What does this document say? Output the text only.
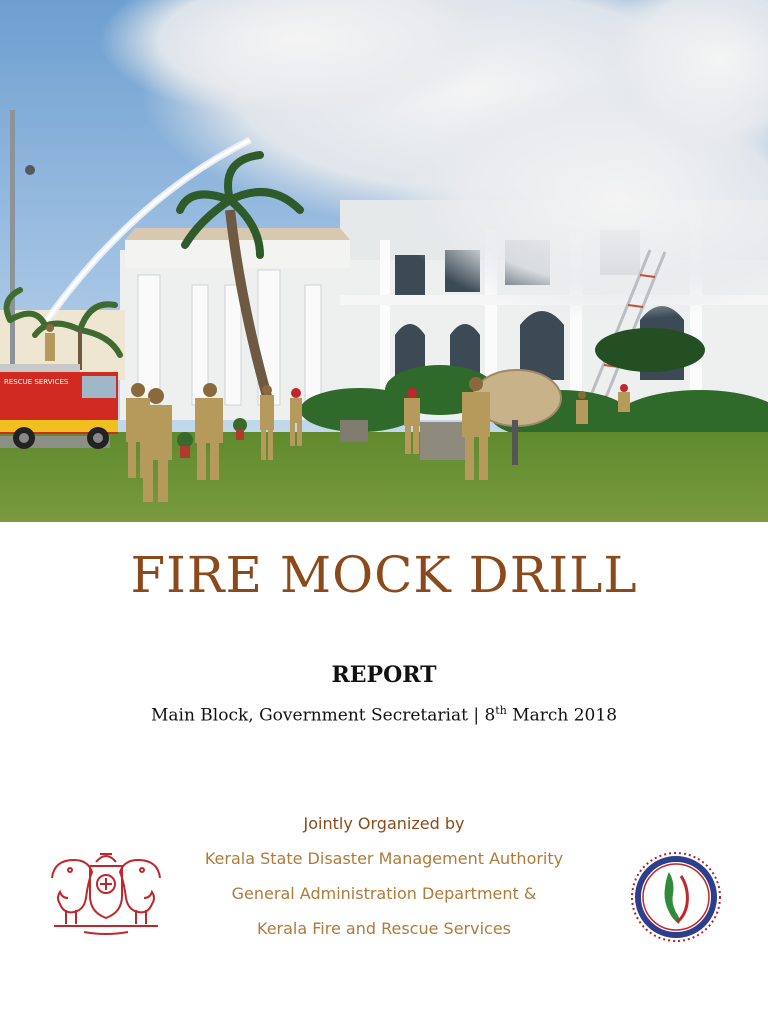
RESCUE SERVICES
FIRE MOCK DRILL
REPORT
Main Block, Government Secretariat | 8th March 2018
Jointly Organized by
Kerala State Disaster Management Authority
General Administration Department &
Kerala Fire and Rescue Services
